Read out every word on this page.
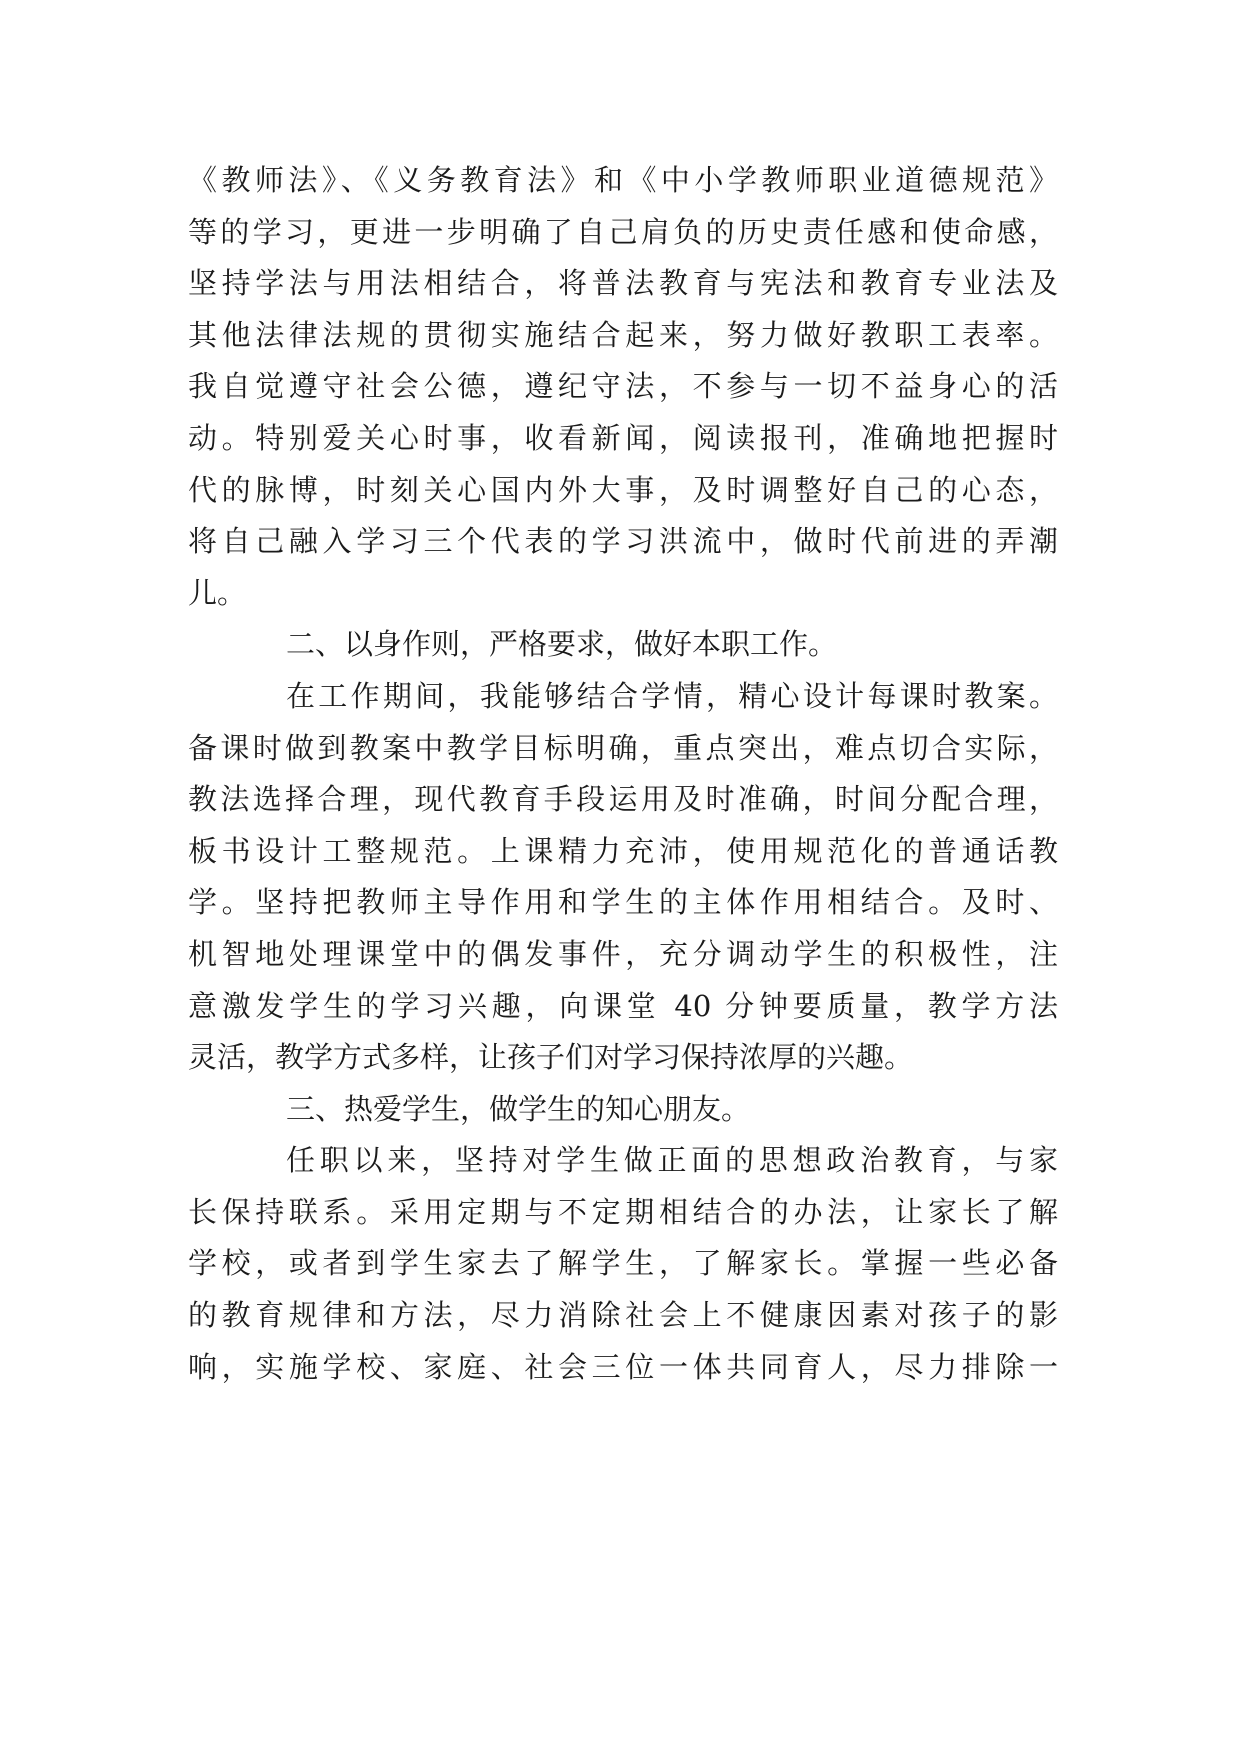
《教师法》、《义务教育法》和《中小学教师职业道德规范》
等的学习，更进一步明确了自己肩负的历史责任感和使命感，
坚持学法与用法相结合，将普法教育与宪法和教育专业法及
其他法律法规的贯彻实施结合起来，努力做好教职工表率。
我自觉遵守社会公德，遵纪守法，不参与一切不益身心的活
动。特别爱关心时事，收看新闻，阅读报刊，准确地把握时
代的脉博，时刻关心国内外大事，及时调整好自己的心态，
将自己融入学习三个代表的学习洪流中，做时代前进的弄潮
儿。
二、以身作则，严格要求，做好本职工作。
在工作期间，我能够结合学情，精心设计每课时教案。
备课时做到教案中教学目标明确，重点突出，难点切合实际，
教法选择合理，现代教育手段运用及时准确，时间分配合理，
板书设计工整规范。上课精力充沛，使用规范化的普通话教
学。坚持把教师主导作用和学生的主体作用相结合。及时、
机智地处理课堂中的偶发事件，充分调动学生的积极性，注
意激发学生的学习兴趣，向课堂 40 分钟要质量，教学方法
灵活，教学方式多样，让孩子们对学习保持浓厚的兴趣。
三、热爱学生，做学生的知心朋友。
任职以来，坚持对学生做正面的思想政治教育，与家
长保持联系。采用定期与不定期相结合的办法，让家长了解
学校，或者到学生家去了解学生，了解家长。掌握一些必备
的教育规律和方法，尽力消除社会上不健康因素对孩子的影
响，实施学校、家庭、社会三位一体共同育人，尽力排除一
